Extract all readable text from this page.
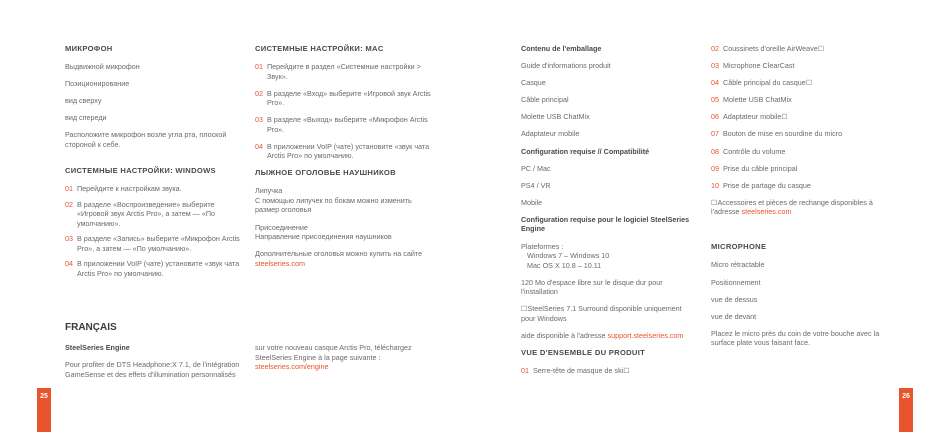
МИКРОФОН
Выдвижной микрофон
Позиционирование
вид сверху
вид спереди
Расположите микрофон возле угла рта, плоской стороной к себе.
СИСТЕМНЫЕ НАСТРОЙКИ: WINDOWS
01 Перейдите к настройкам звука.
02 В разделе «Воспроизведение» выберите «Игровой звук Arctis Pro», а затем — «По умолчанию».
03 В разделе «Запись» выберите «Микрофон Arctis Pro», а затем — «По умолчанию».
04 В приложении VoIP (чате) установите «звук чата Arctis Pro» по умолчанию.
СИСТЕМНЫЕ НАСТРОЙКИ: MAC
01 Перейдите в раздел «Системные настройки > Звук».
02 В разделе «Вход» выберите «Игровой звук Arctis Pro».
03 В разделе «Выход» выберите «Микрофон Arctis Pro».
04 В приложении VoIP (чате) установите «звук чата Arctis Pro» по умолчанию.
ЛЫЖНОЕ ОГОЛОВЬЕ НАУШНИКОВ
Липучка
С помощью липучек по бокам можно изменить размер оголовья
Присоединение
Направление присоединения наушников
Дополнительные оголовья можно купить на сайте steelseries.com
FRANÇAIS
SteelSeries Engine
Pour profiter de DTS Headphone:X 7.1, de l'intégration GameSense et des effets d'illumination personnalisés
sur votre nouveau casque Arctis Pro, téléchargez SteelSeries Engine à la page suivante : steelseries.com/engine
Contenu de l'emballage
Guide d'informations produit
Casque
Câble principal
Molette USB ChatMix
Adaptateur mobile
Configuration requise // Compatibilité
PC / Mac
PS4 / VR
Mobile
Configuration requise pour le logiciel SteelSeries Engine
Plateformes :
Windows 7 – Windows 10
Mac OS X 10.8 – 10.11
120 Mo d'espace libre sur le disque dur pour l'installation
☐SteelSeries 7.1 Surround disponible uniquement pour Windows
aide disponible à l'adresse support.steelseries.com
VUE D'ENSEMBLE DU PRODUIT
01 Serre-tête de masque de ski☐
02 Coussinets d'oreille AirWeave☐
03 Microphone ClearCast
04 Câble principal du casque☐
05 Molette USB ChatMix
06 Adaptateur mobile☐
07 Bouton de mise en sourdine du micro
08 Contrôle du volume
09 Prise du câble principal
10 Prise de partage du casque
☐Accessoires et pièces de rechange disponibles à l'adresse steelseries.com
MICROPHONE
Micro rétractable
Positionnement
vue de dessus
vue de devant
Placez le micro près du coin de votre bouche avec la surface plate vous faisant face.
25	26
